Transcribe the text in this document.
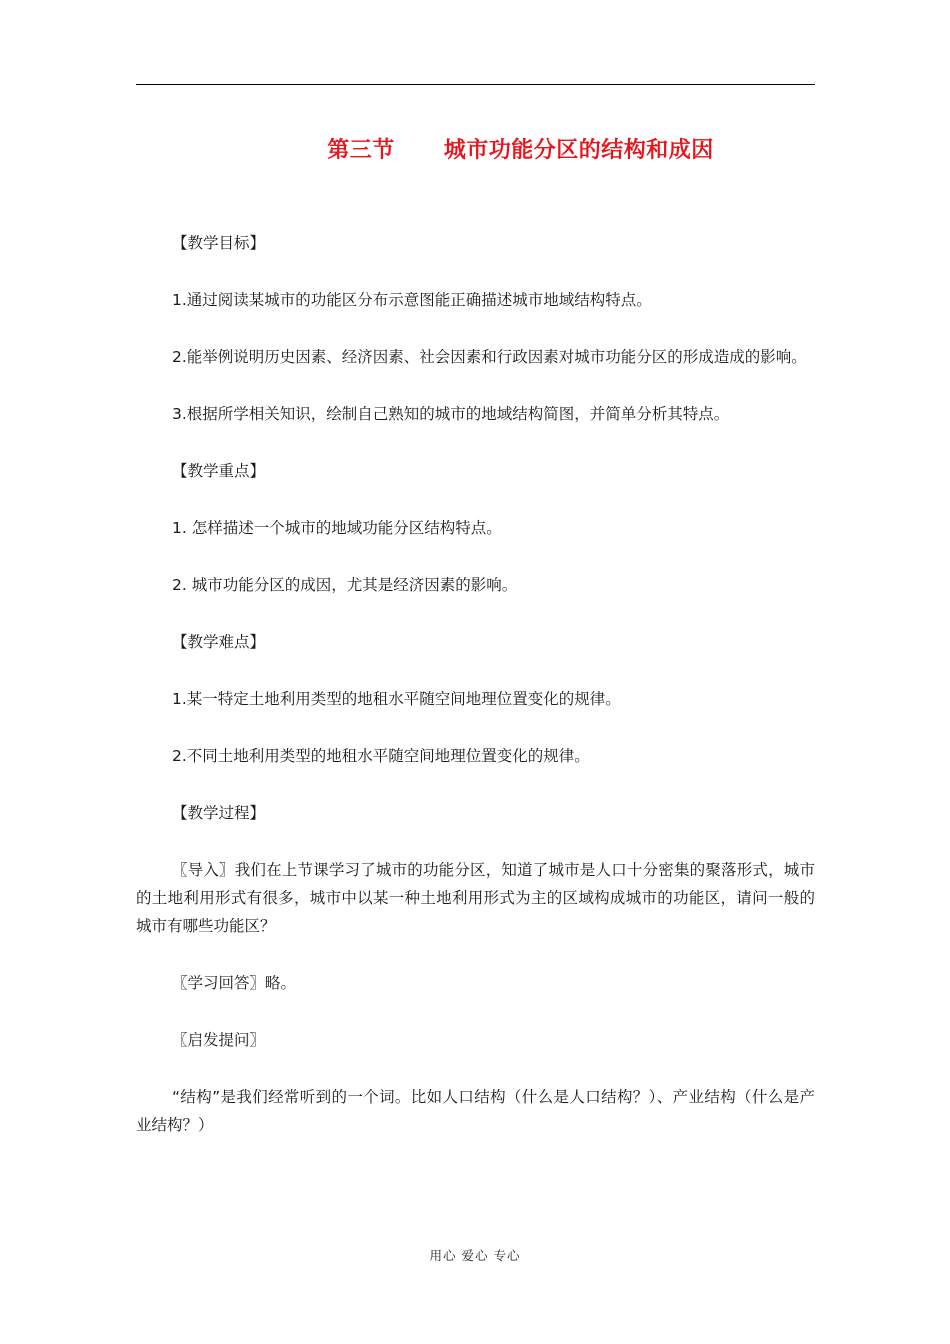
第三节      城市功能分区的结构和成因

【教学目标】

1.通过阅读某城市的功能区分布示意图能正确描述城市地域结构特点。

2.能举例说明历史因素、经济因素、社会因素和行政因素对城市功能分区的形成造成的影响。

3.根据所学相关知识，绘制自己熟知的城市的地域结构简图，并简单分析其特点。

【教学重点】

1. 怎样描述一个城市的地域功能分区结构特点。

2. 城市功能分区的成因，尤其是经济因素的影响。

【教学难点】

1.某一特定土地利用类型的地租水平随空间地理位置变化的规律。

2.不同土地利用类型的地租水平随空间地理位置变化的规律。

【教学过程】

〖导入〗我们在上节课学习了城市的功能分区，知道了城市是人口十分密集的聚落形式，城市的土地利用形式有很多，城市中以某一种土地利用形式为主的区域构成城市的功能区，请问一般的城市有哪些功能区？

〖学习回答〗略。

〖启发提问〗

“结构”是我们经常听到的一个词。比如人口结构（什么是人口结构？）、产业结构（什么是产业结构？）

用心 爱心 专心
